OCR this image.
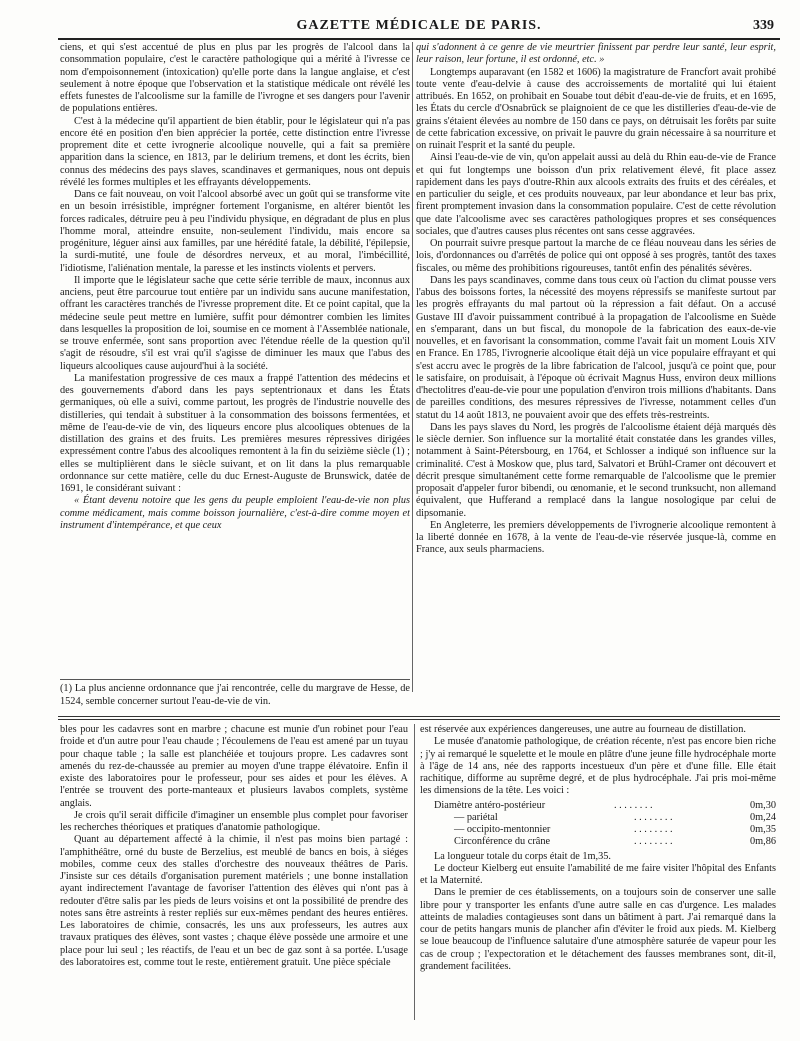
GAZETTE MÉDICALE DE PARIS.	339

ciens, et qui s'est accentué de plus en plus par les progrès de l'alcool dans la consommation populaire, c'est le caractère pathologique qui a mérité à l'ivresse ce nom d'empoisonnement (intoxication) qu'elle porte dans la langue anglaise, et c'est seulement à notre époque que l'observation et la statistique médicale ont révélé les effets funestes de l'alcoolisme sur la famille de l'ivrogne et ses dangers pour l'avenir de populations entières.

C'est à la médecine qu'il appartient de bien établir, pour le législateur qui n'a pas encore été en position d'en bien apprécier la portée, cette distinction entre l'ivresse proprement dite et cette ivrognerie alcoolique nouvelle, qui a fait sa première apparition dans la science, en 1813, par le delirium tremens, et dont les écrits, bien connus des médecins des pays slaves, scandinaves et germaniques, nous ont depuis révélé les formes multiples et les effrayants développements.

Dans ce fait nouveau, on voit l'alcool absorbé avec un goût qui se transforme vite en un besoin irrésistible, imprégner fortement l'organisme, en altérer bientôt les forces radicales, détruire peu à peu l'individu physique, en dégradant de plus en plus l'homme moral, atteindre ensuite, non-seulement l'individu, mais encore sa progéniture, léguer ainsi aux familles, par une hérédité fatale, la débilité, l'épilepsie, la surdi-mutité, une foule de désordres nerveux, et au moral, l'imbécillité, l'idiotisme, l'aliénation mentale, la paresse et les instincts violents et pervers.

Il importe que le législateur sache que cette série terrible de maux, inconnus aux anciens, peut être parcourue tout entière par un individu sans aucune manifestation, offrant les caractères tranchés de l'ivresse proprement dite. Et ce point capital, que la médecine seule peut mettre en lumière, suffit pour démontrer combien les limites dans lesquelles la proposition de loi, soumise en ce moment à l'Assemblée nationale, se trouve enfermée, sont sans proportion avec l'étendue réelle de la question qu'il s'agit de résoudre, s'il est vrai qu'il s'agisse de diminuer les maux que l'abus des liqueurs alcooliques cause aujourd'hui à la société.

La manifestation progressive de ces maux a frappé l'attention des médecins et des gouvernements d'abord dans les pays septentrionaux et dans les États germaniques, où elle a suivi, comme partout, les progrès de l'industrie nouvelle des distilleries, qui tendait à substituer à la consommation des boissons fermentées, et même de l'eau-de-vie de vin, des liqueurs encore plus alcooliques obtenues de la distillation des grains et des fruits. Les premières mesures répressives dirigées expressément contre l'abus des alcooliques remontent à la fin du seizième siècle (1) ; elles se multiplièrent dans le siècle suivant, et on lit dans la plus remarquable ordonnance sur cette matière, celle du duc Ernest-Auguste de Brunswick, datée de 1691, le considérant suivant :

« Étant devenu notoire que les gens du peuple emploient l'eau-de-vie non plus comme médicament, mais comme boisson journalière, c'est-à-dire comme moyen et instrument d'intempérance, et que ceux

qui s'adonnent à ce genre de vie meurtrier finissent par perdre leur santé, leur esprit, leur raison, leur fortune, il est ordonné, etc. »

Longtemps auparavant (en 1582 et 1606) la magistrature de Francfort avait prohibé toute vente d'eau-delvie à cause des accroissements de mortalité qui lui étaient attribués. En 1652, on prohibait en Souabe tout débit d'eau-de-vie de fruits, et en 1695, les États du cercle d'Osnabrück se plaignoient de ce que les distilleries d'eau-de-vie de grains s'étaient élevées au nombre de 150 dans ce pays, on détruisait les forêts par suite de cette fabrication excessive, on privait le pauvre du grain nécessaire à sa nourriture et on ruinait l'esprit et la santé du peuple.

Ainsi l'eau-de-vie de vin, qu'on appelait aussi au delà du Rhin eau-de-vie de France et qui fut longtemps une boisson d'un prix relativement élevé, fit place assez rapidement dans les pays d'outre-Rhin aux alcools extraits des fruits et des céréales, et en particulier du seigle, et ces produits nouveaux, par leur abondance et leur bas prix, firent promptement invasion dans la consommation populaire. C'est de cette révolution que date l'alcoolisme avec ses caractères pathologiques propres et ses conséquences sociales, que d'autres causes plus récentes ont sans cesse aggravées.

On pourrait suivre presque partout la marche de ce fléau nouveau dans les séries de lois, d'ordonnances ou d'arrêtés de police qui ont opposé à ses progrès, tantôt des taxes fiscales, ou même des prohibitions rigoureuses, tantôt enfin des pénalités sévères.

Dans les pays scandinaves, comme dans tous ceux où l'action du climat pousse vers l'abus des boissons fortes, la nécessité des moyens répressifs se manifeste surtout par les progrès effrayants du mal partout où la répression a fait défaut. On a accusé Gustave III d'avoir puissamment contribué à la propagation de l'alcoolisme en Suède en s'emparant, dans un but fiscal, du monopole de la fabrication des eaux-de-vie nouvelles, et en favorisant la consommation, comme l'avait fait un moment Louis XIV en France. En 1785, l'ivrognerie alcoolique était déjà un vice populaire effrayant et qui s'est accru avec le progrès de la libre fabrication de l'alcool, jusqu'à ce point que, pour le satisfaire, on produisait, à l'époque où écrivait Magnus Huss, environ deux millions d'hectolitres d'eau-de-vie pour une population d'environ trois millions d'habitants. Dans de pareilles conditions, des mesures répressives de l'ivresse, notamment celles d'un statut du 14 août 1813, ne pouvaient avoir que des effets très-restreints.

Dans les pays slaves du Nord, les progrès de l'alcoolisme étaient déjà marqués dès le siècle dernier. Son influence sur la mortalité était constatée dans les grandes villes, notamment à Saint-Pétersbourg, en 1764, et Schlosser a indiqué son influence sur la criminalité. C'est à Moskow que, plus tard, Salvatori et Brühl-Cramer ont découvert et décrit presque simultanément cette forme remarquable de l'alcoolisme que le premier proposait d'appeler furor bibendi, ou œnomanie, et le second trunksucht, non allemand équivalent, que Hufferand a remplacé dans la langue nosologique par celui de dipsomanie.

En Angleterre, les premiers développements de l'ivrognerie alcoolique remontent à la liberté donnée en 1678, à la vente de l'eau-de-vie réservée jusque-là, comme en France, aux seuls pharmaciens.

(1) La plus ancienne ordonnance que j'ai rencontrée, celle du margrave de Hesse, de 1524, semble concerner surtout l'eau-de-vie de vin.

bles pour les cadavres sont en marbre ; chacune est munie d'un robinet pour l'eau froide et d'un autre pour l'eau chaude ; l'écoulemens de l'eau est amené par un tuyau pour chaque table ; la salle est planchéiée et toujours propre. Les cadavres sont amenés du rez-de-chaussée au premier au moyen d'une trappe élévatoire. Enfin il existe des laboratoires pour le professeur, pour ses aides et pour les élèves. A l'entrée se trouvent des porte-manteaux et plusieurs lavabos complets, système anglais.

Je crois qu'il serait difficile d'imaginer un ensemble plus complet pour favoriser les recherches théoriques et pratiques d'anatomie pathologique.

Quant au département affecté à la chimie, il n'est pas moins bien partagé : l'amphithéâtre, orné du buste de Berzelius, est meublé de bancs en bois, à siéges mobiles, comme ceux des stalles d'orchestre des nouveaux théâtres de Paris. J'insiste sur ces détails d'organisation purement matériels ; une bonne installation ayant indirectement l'avantage de favoriser l'attention des élèves qui n'ont pas à redouter d'être salis par les pieds de leurs voisins et ont la possibilité de prendre des notes sans être astreints à rester repliés sur eux-mêmes pendant des heures entières. Les laboratoires de chimie, consacrés, les uns aux professeurs, les autres aux travaux pratiques des élèves, sont vastes ; chaque élève possède une armoire et une place pour lui seul ; les réactifs, de l'eau et un bec de gaz sont à sa portée. L'usage des laboratoires est, comme tout le reste, entièrement gratuit. Une pièce spéciale

est réservée aux expériences dangereuses, une autre au fourneau de distillation.

Le musée d'anatomie pathologique, de création récente, n'est pas encore bien riche ; j'y ai remarqué le squelette et le moule en plâtre d'une jeune fille hydrocéphale morte à l'âge de 14 ans, née des rapports incestueux d'un père et d'une fille. Elle était rachitique, difforme au suprême degré, et de plus hydrocéphale. J'ai pris moi-même les dimensions de la tête. Les voici :

Diamètre antéro-postérieur	. . . . . . . .	0m,30
— pariétal	. . . . . . . .	0m,24
— occipito-mentonnier	. . . . . . . .	0m,35
Circonférence du crâne	. . . . . . . .	0m,86

La longueur totale du corps était de 1m,35.

Le docteur Kielberg eut ensuite l'amabilité de me faire visiter l'hôpital des Enfants et la Maternité.

Dans le premier de ces établissements, on a toujours soin de conserver une salle libre pour y transporter les enfants d'une autre salle en cas d'urgence. Les malades atteints de maladies contagieuses sont dans un bâtiment à part. J'ai remarqué dans la cour de petits hangars munis de plancher afin d'éviter le froid aux pieds. M. Kielberg se loue beaucoup de l'influence salutaire d'une atmosphère saturée de vapeur pour les cas de croup ; l'expectoration et le détachement des fausses membranes sont, dit-il, grandement facilitées.
